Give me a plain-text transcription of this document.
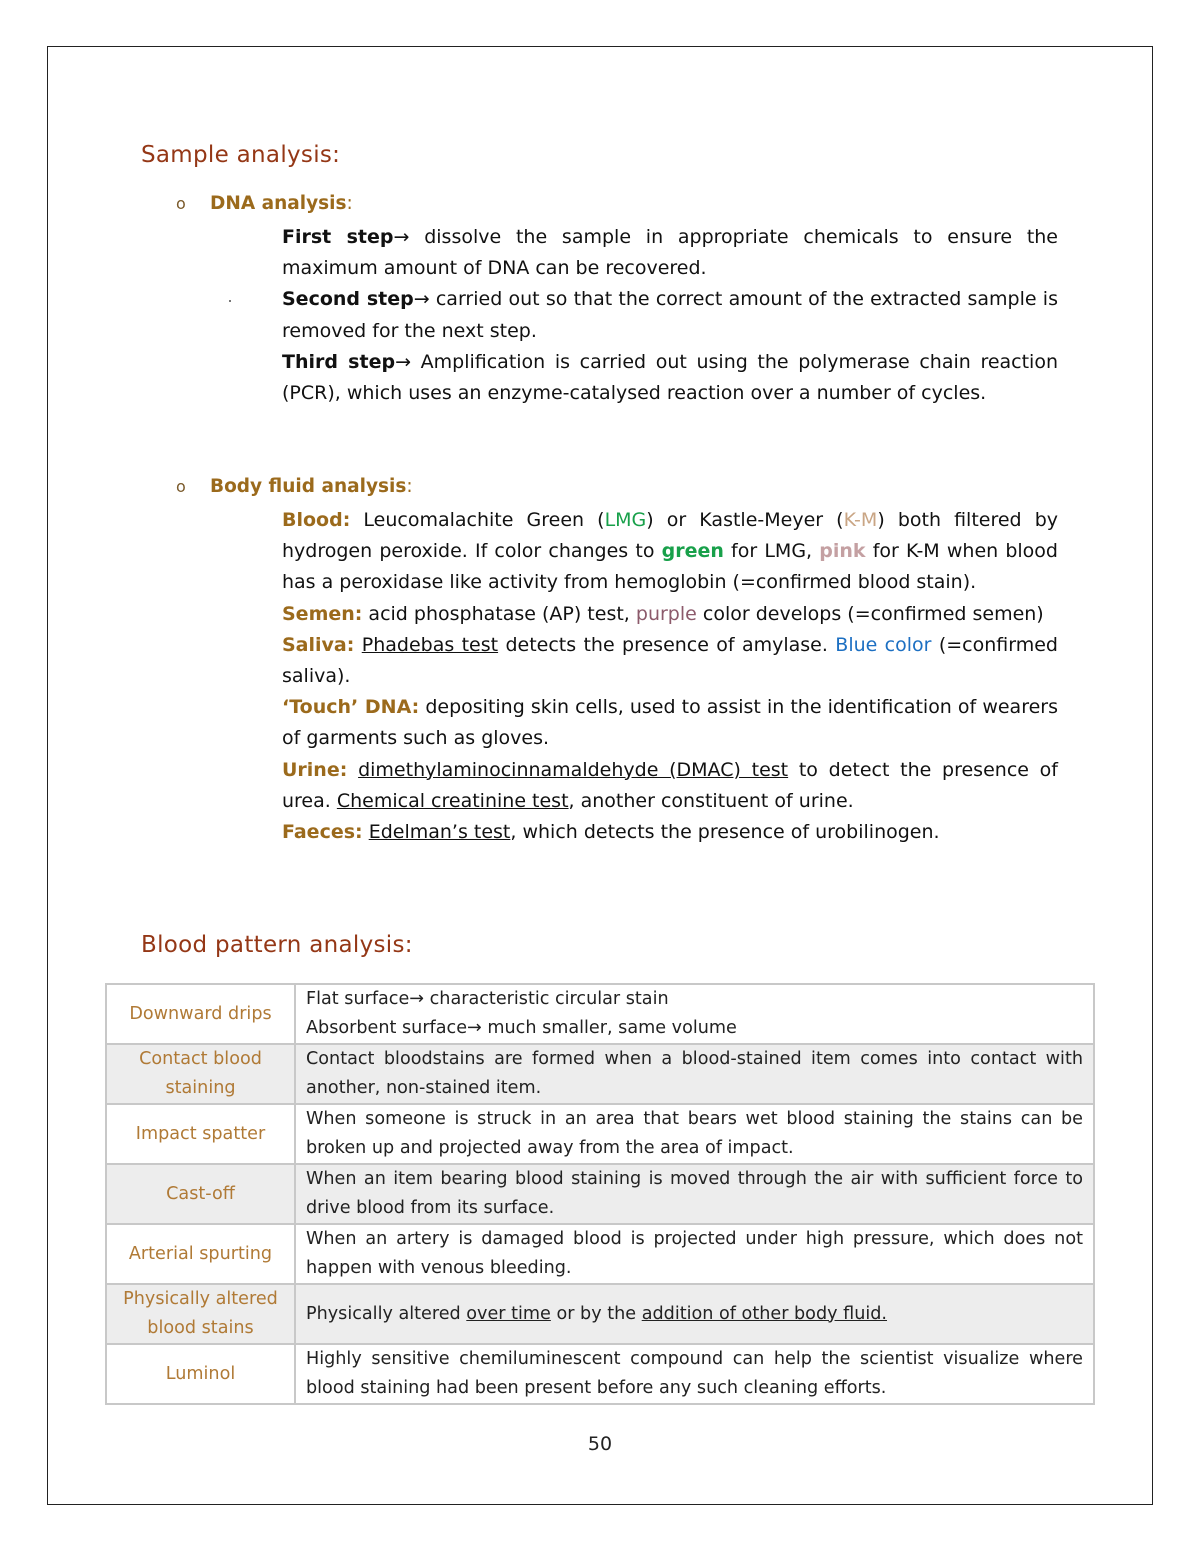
Sample analysis:
o DNA analysis:
First step→ dissolve the sample in appropriate chemicals to ensure the maximum amount of DNA can be recovered.
Second step→ carried out so that the correct amount of the extracted sample is removed for the next step.
Third step→ Amplification is carried out using the polymerase chain reaction (PCR), which uses an enzyme-catalysed reaction over a number of cycles.
o Body fluid analysis:
Blood: Leucomalachite Green (LMG) or Kastle-Meyer (K-M) both filtered by hydrogen peroxide. If color changes to green for LMG, pink for K-M when blood has a peroxidase like activity from hemoglobin (=confirmed blood stain).
Semen: acid phosphatase (AP) test, purple color develops (=confirmed semen)
Saliva: Phadebas test detects the presence of amylase. Blue color (=confirmed saliva).
‘Touch’ DNA: depositing skin cells, used to assist in the identification of wearers of garments such as gloves.
Urine: dimethylaminocinnamaldehyde (DMAC) test to detect the presence of urea. Chemical creatinine test, another constituent of urine.
Faeces: Edelman’s test, which detects the presence of urobilinogen.
Blood pattern analysis:
Downward drips	Flat surface→ characteristic circular stain
Absorbent surface→ much smaller, same volume

Contact blood staining	Contact bloodstains are formed when a blood-stained item comes into contact with another, non-stained item.
Impact spatter	When someone is struck in an area that bears wet blood staining the stains can be broken up and projected away from the area of impact.
Cast-off	When an item bearing blood staining is moved through the air with sufficient force to drive blood from its surface.
Arterial spurting	When an artery is damaged blood is projected under high pressure, which does not happen with venous bleeding.
Physically altered blood stains	Physically altered over time or by the addition of other body fluid.
Luminol	Highly sensitive chemiluminescent compound can help the scientist visualize where blood staining had been present before any such cleaning efforts.
50
